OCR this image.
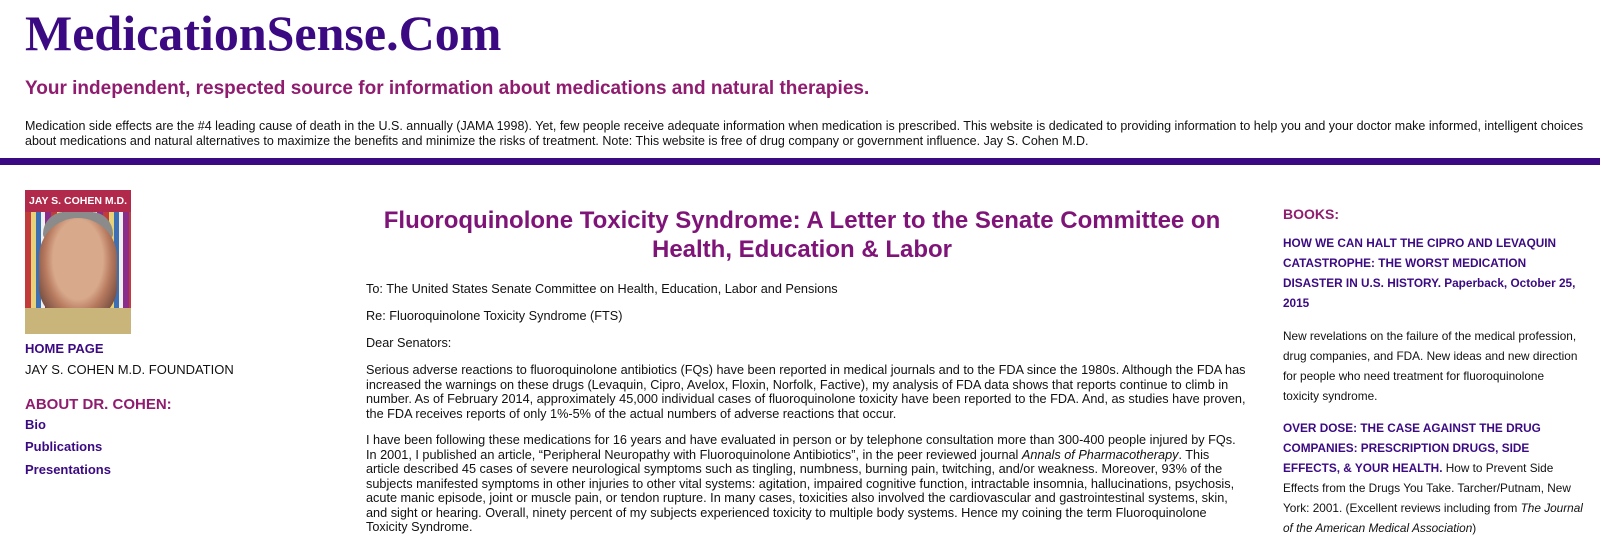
MedicationSense.Com
Your independent, respected source for information about medications and natural therapies.
Medication side effects are the #4 leading cause of death in the U.S. annually (JAMA 1998). Yet, few people receive adequate information when medication is prescribed. This website is dedicated to providing information to help you and your doctor make informed, intelligent choices about medications and natural alternatives to maximize the benefits and minimize the risks of treatment. Note: This website is free of drug company or government influence. Jay S. Cohen M.D.
JAY S. COHEN M.D.
HOME PAGE
JAY S. COHEN M.D. FOUNDATION
ABOUT DR. COHEN:
Bio
Publications
Presentations
Fluoroquinolone Toxicity Syndrome: A Letter to the Senate Committee on Health, Education & Labor
To: The United States Senate Committee on Health, Education, Labor and Pensions
Re: Fluoroquinolone Toxicity Syndrome (FTS)
Dear Senators:
Serious adverse reactions to fluoroquinolone antibiotics (FQs) have been reported in medical journals and to the FDA since the 1980s. Although the FDA has increased the warnings on these drugs (Levaquin, Cipro, Avelox, Floxin, Norfolk, Factive), my analysis of FDA data shows that reports continue to climb in number. As of February 2014, approximately 45,000 individual cases of fluoroquinolone toxicity have been reported to the FDA. And, as studies have proven, the FDA receives reports of only 1%-5% of the actual numbers of adverse reactions that occur.
I have been following these medications for 16 years and have evaluated in person or by telephone consultation more than 300-400 people injured by FQs. In 2001, I published an article, “Peripheral Neuropathy with Fluoroquinolone Antibiotics”, in the peer reviewed journal Annals of Pharmacotherapy. This article described 45 cases of severe neurological symptoms such as tingling, numbness, burning pain, twitching, and/or weakness. Moreover, 93% of the subjects manifested symptoms in other injuries to other vital systems: agitation, impaired cognitive function, intractable insomnia, hallucinations, psychosis, acute manic episode, joint or muscle pain, or tendon rupture. In many cases, toxicities also involved the cardiovascular and gastrointestinal systems, skin, and sight or hearing. Overall, ninety percent of my subjects experienced toxicity to multiple body systems. Hence my coining the term Fluoroquinolone Toxicity Syndrome.
BOOKS:
HOW WE CAN HALT THE CIPRO AND LEVAQUIN CATASTROPHE: THE WORST MEDICATION DISASTER IN U.S. HISTORY. Paperback, October 25, 2015
New revelations on the failure of the medical profession, drug companies, and FDA. New ideas and new direction for people who need treatment for fluoroquinolone toxicity syndrome.
OVER DOSE: THE CASE AGAINST THE DRUG COMPANIES: PRESCRIPTION DRUGS, SIDE EFFECTS, & YOUR HEALTH. How to Prevent Side Effects from the Drugs You Take. Tarcher/Putnam, New York: 2001. (Excellent reviews including from The Journal of the American Medical Association)
